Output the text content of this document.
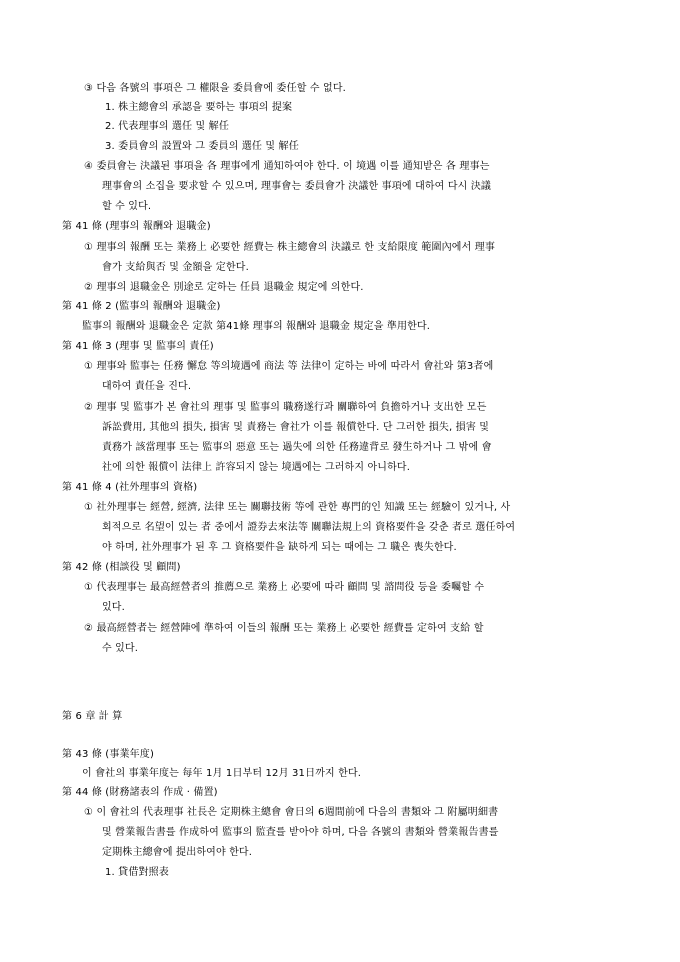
③ 다음 各號의 事項은 그 權限을 委員會에 委任할 수 없다.
1. 株主總會의 承認을 要하는 事項의 提案
2. 代表理事의 選任 및 解任
3. 委員會의 設置와 그 委員의 選任 및 解任
④ 委員會는 決議된 事項을 各 理事에게 通知하여야 한다. 이 境遇 이를 通知받은 各 理事는
理事會의 소집을 要求할 수 있으며, 理事會는 委員會가 決議한 事項에 대하여 다시 決議
할 수 있다.
第 41 條 (理事의 報酬와 退職金)
① 理事의 報酬 또는 業務上 必要한 經費는 株主總會의 決議로 한 支給限度 範圍內에서 理事
會가 支給與否 및 金額을 定한다.
② 理事의 退職金은 別途로 定하는 任員 退職金 規定에 의한다.
第 41 條 2 (監事의 報酬와 退職金)
監事의 報酬와 退職金은 定款 第41條 理事의 報酬와 退職金 規定을 準用한다.
第 41 條 3 (理事 및 監事의 責任)
① 理事와 監事는 任務 懈怠 等의境遇에 商法 等 法律이 定하는 바에 따라서 會社와 第3者에
대하여 責任을 진다.
② 理事 및 監事가 본 會社의 理事 및 監事의 職務遂行과 關聯하여 負擔하거나 支出한 모든
訴訟費用, 其他의 損失, 損害 및 責務는 會社가 이를 報償한다. 단 그러한 損失, 損害 및
責務가 該當理事 또는 監事의 惡意 또는 過失에 의한 任務違背로 發生하거나 그 밖에 會
社에 의한 報償이 法律上 許容되지 않는 境遇에는 그러하지 아니하다.
第 41 條 4 (社外理事의 資格)
① 社外理事는 經營, 經濟, 法律 또는 關聯技術 等에 관한 專門的인 知識 또는 經驗이 있거나, 사
회적으로 名望이 있는 者 중에서 證券去來法等 關聯法規上의 資格要件을 갖춘 者로 選任하여
야 하며, 社外理事가 된 후 그 資格要件을 缺하게 되는 때에는 그 職은 喪失한다.
第 42 條 (相談役 및 顧問)
① 代表理事는 最高經營者의 推薦으로 業務上 必要에 따라 顧問 및 諮問役 등을 委囑할 수
있다.
② 最高經營者는 經營陣에 準하여 이들의 報酬 또는 業務上 必要한 經費를 定하여 支給 할
수 있다.
第 6 章 計 算
第 43 條 (事業年度)
이 會社의 事業年度는 每年 1月 1日부터 12月 31日까지 한다.
第 44 條 (財務諸表의 作成 · 備置)
① 이 會社의 代表理事 社長은 定期株主總會 會日의 6週間前에 다음의 書類와 그 附屬明細書
및 營業報告書를 作成하여 監事의 監査를 받아야 하며, 다음 各號의 書類와 營業報告書를
定期株主總會에 提出하여야 한다.
1. 貸借對照表
